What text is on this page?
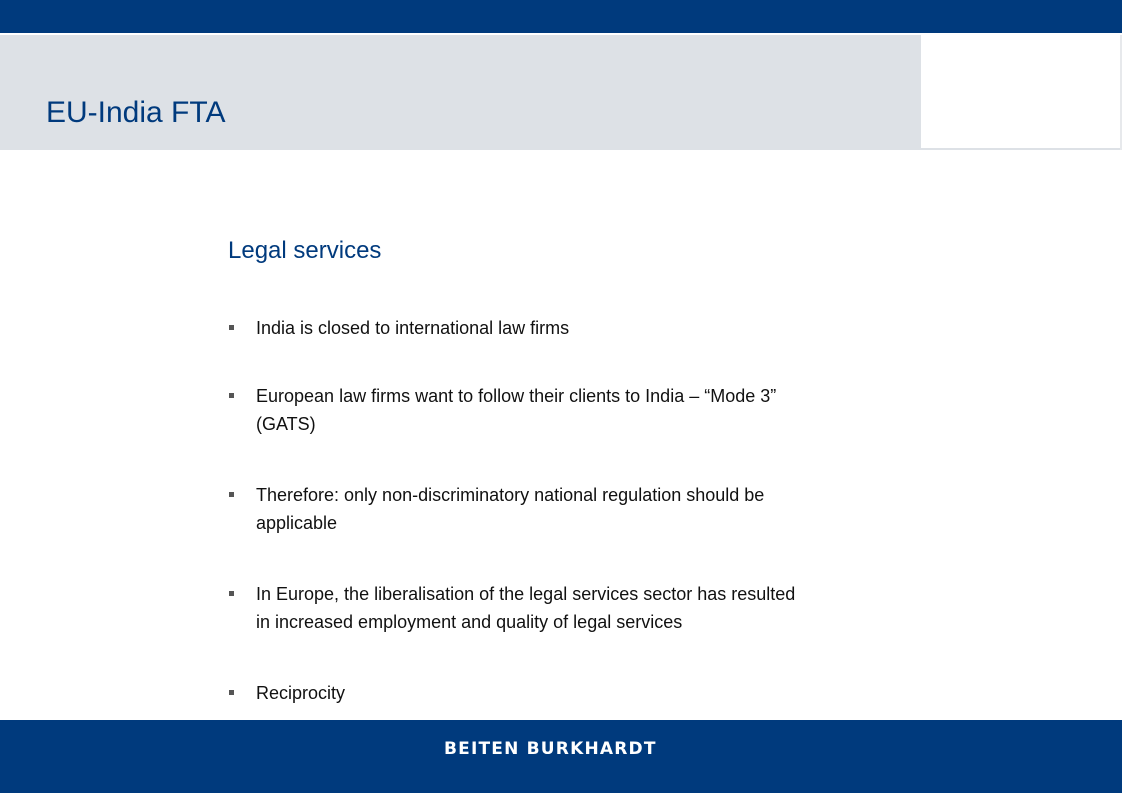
EU-India FTA
Legal services
India is closed to international law firms
European law firms want to follow their clients to India – “Mode 3”
(GATS)
Therefore: only non-discriminatory national regulation should be
applicable
In Europe, the liberalisation of the legal services sector has resulted
in increased employment and quality of legal services
Reciprocity
BEITEN BURKHARDT
